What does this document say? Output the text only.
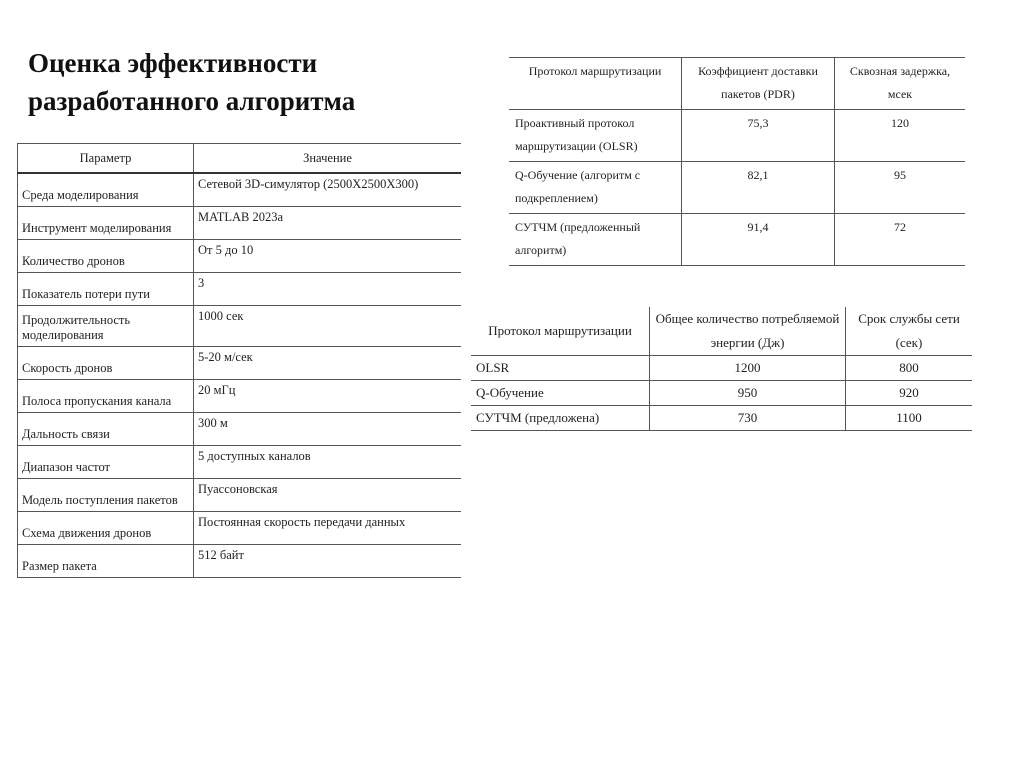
Оценка эффективности
разработанного алгоритма
Параметр	Значение
Среда моделирования	Сетевой 3D-симулятор (2500X2500X300)
Инструмент моделирования	MATLAB 2023a
Количество дронов	От 5 до 10
Показатель потери пути	3
Продолжительность моделирования	1000 сек
Скорость дронов	5-20 м/сек
Полоса пропускания канала	20 мГц
Дальность связи	300 м
Диапазон частот	5 доступных каналов
Модель поступления пакетов	Пуассоновская
Схема движения дронов	Постоянная скорость передачи данных
Размер пакета	512 байт
Протокол маршрутизации	Коэффициент доставки пакетов (PDR)	Сквозная задержка, мсек
Проактивный протокол маршрутизации (OLSR)	75,3	120
Q-Обучение (алгоритм с подкреплением)	82,1	95
СУТЧМ (предложенный алгоритм)	91,4	72
Протокол маршрутизации	Общее количество потребляемой энергии (Дж)	Срок службы сети (сек)
OLSR	1200	800
Q-Обучение	950	920
СУТЧМ (предложена)	730	1100
